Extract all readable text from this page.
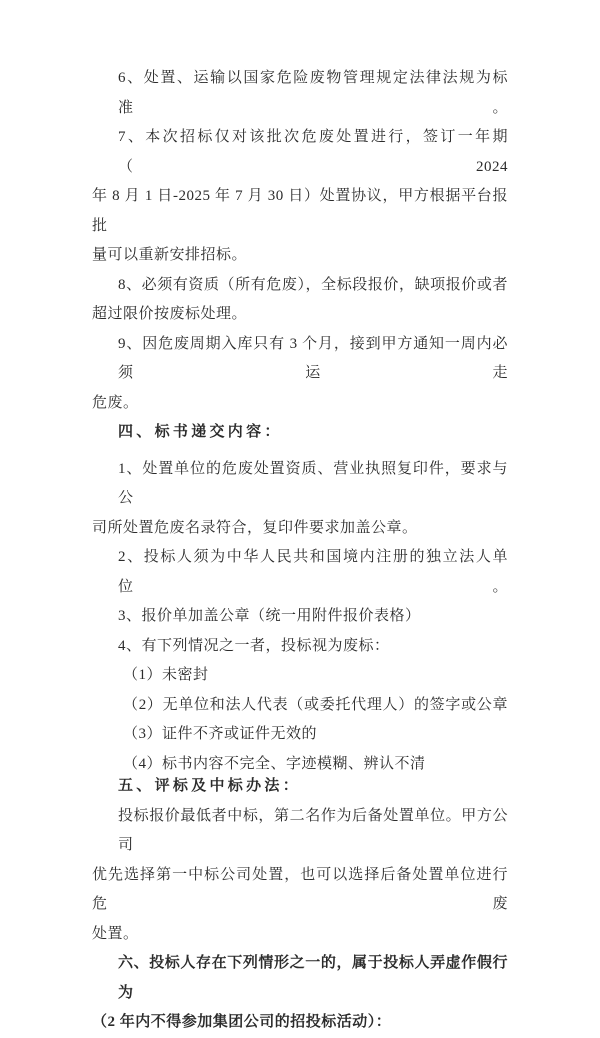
6、处置、运输以国家危险废物管理规定法律法规为标准。
7、本次招标仅对该批次危废处置进行，签订一年期（2024
年 8 月 1 日-2025 年 7 月 30 日）处置协议，甲方根据平台报批
量可以重新安排招标。
8、必须有资质（所有危废），全标段报价，缺项报价或者
超过限价按废标处理。
9、因危废周期入库只有 3 个月，接到甲方通知一周内必须运走
危废。
四、标书递交内容：
1、处置单位的危废处置资质、营业执照复印件，要求与公
司所处置危废名录符合，复印件要求加盖公章。
2、投标人须为中华人民共和国境内注册的独立法人单位。
3、报价单加盖公章（统一用附件报价表格）
4、有下列情况之一者，投标视为废标：
（1）未密封
（2）无单位和法人代表（或委托代理人）的签字或公章
（3）证件不齐或证件无效的
（4）标书内容不完全、字迹模糊、辨认不清
五、评标及中标办法：
投标报价最低者中标，第二名作为后备处置单位。甲方公司
优先选择第一中标公司处置，也可以选择后备处置单位进行危废
处置。
六、投标人存在下列情形之一的，属于投标人弄虚作假行为
（2 年内不得参加集团公司的招投标活动）：
